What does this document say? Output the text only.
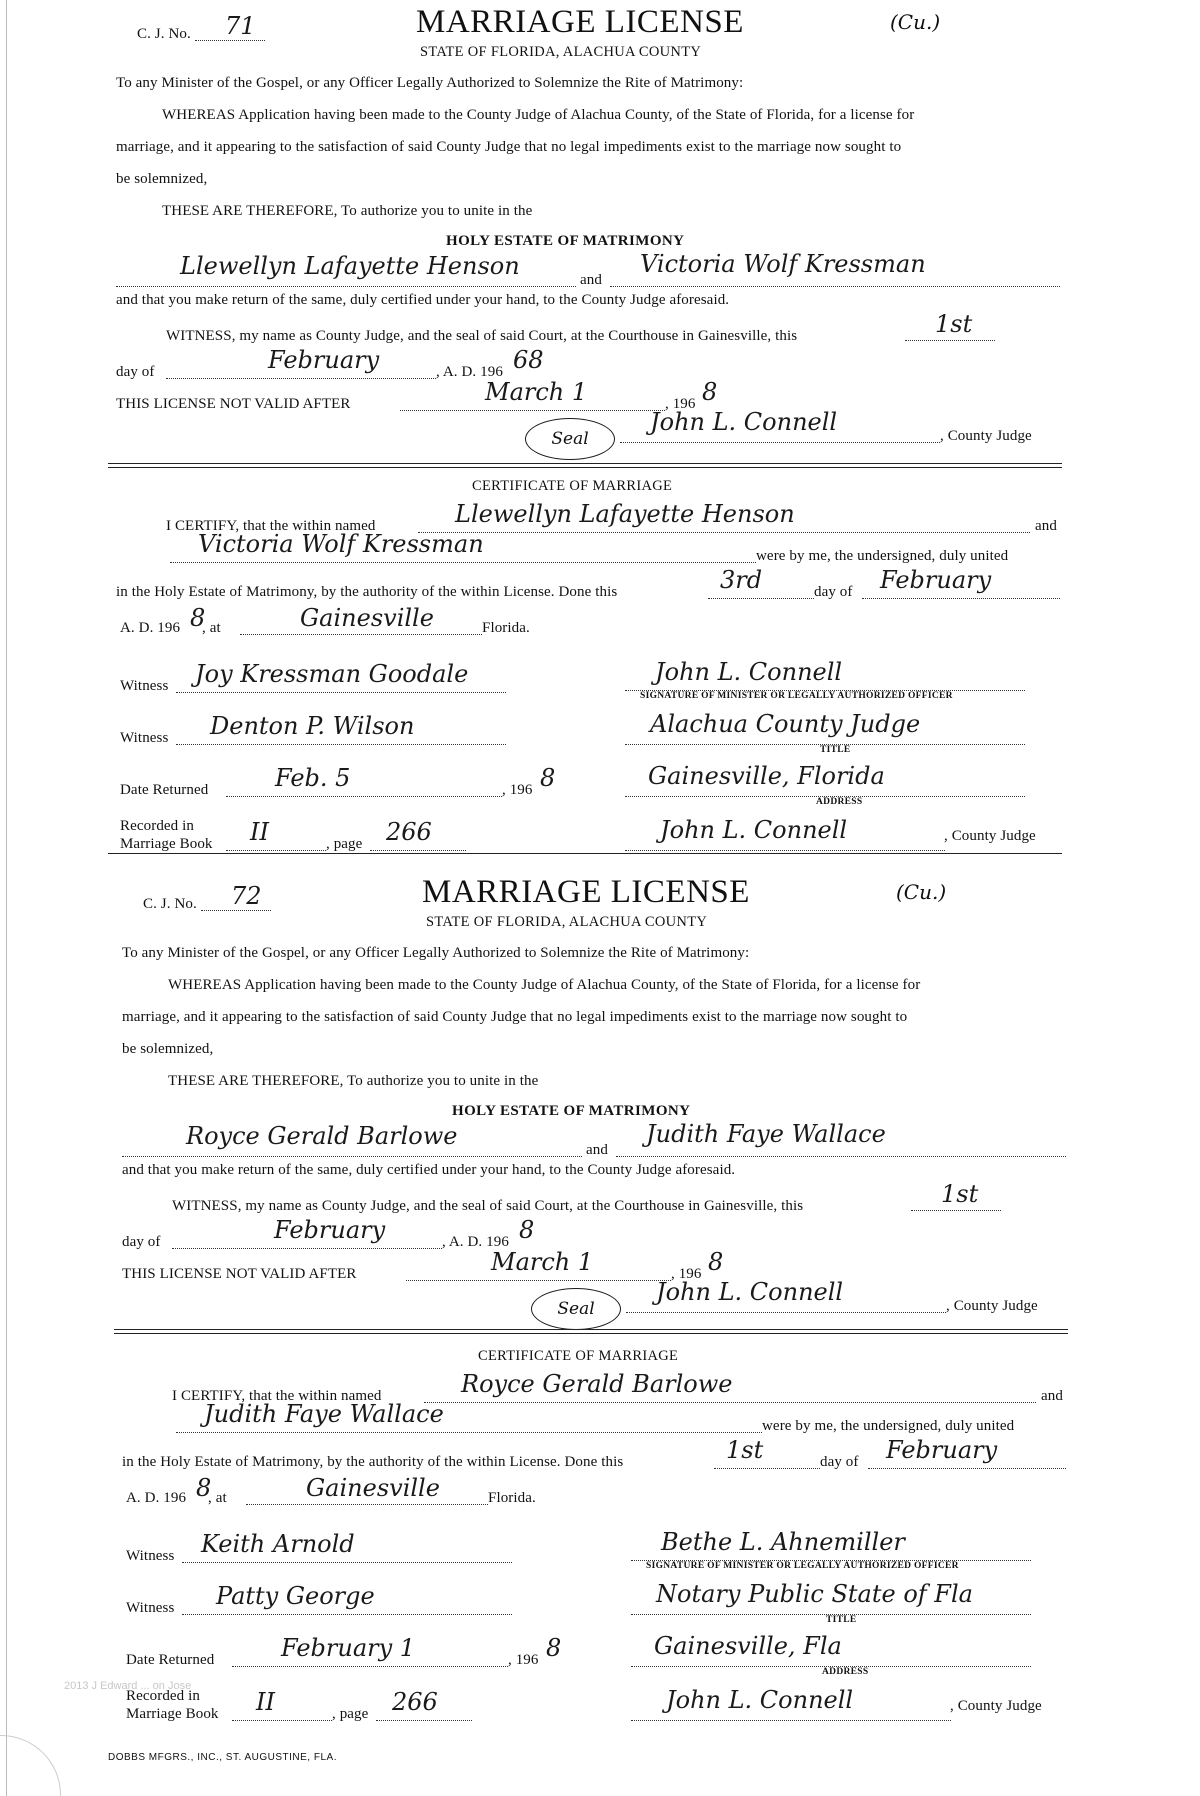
C. J. No. 71	MARRIAGE LICENSE	(Cu.)
STATE OF FLORIDA, ALACHUA COUNTY
To any Minister of the Gospel, or any Officer Legally Authorized to Solemnize the Rite of Matrimony:
WHEREAS Application having been made to the County Judge of Alachua County, of the State of Florida, for a license for
marriage, and it appearing to the satisfaction of said County Judge that no legal impediments exist to the marriage now sought to
be solemnized,
THESE ARE THEREFORE, To authorize you to unite in the
HOLY ESTATE OF MATRIMONY
Llewellyn Lafayette Henson	and
Victoria Wolf Kressman
and that you make return of the same, duly certified under your hand, to the County Judge aforesaid.
WITNESS, my name as County Judge, and the seal of said Court, at the Courthouse in Gainesville, this	1st
day of	February	, A. D. 196 68
THIS LICENSE NOT VALID AFTER	March 1	, 196 8
Seal
John L. Connell	, County Judge
CERTIFICATE OF MARRIAGE
I CERTIFY, that the within named	Llewellyn Lafayette Henson	and
Victoria Wolf Kressman	were by me, the undersigned, duly united
in the Holy Estate of Matrimony, by the authority of the within License. Done this	3rd	day of February
A. D. 196 8
, at	Gainesville	Florida.
Witness Joy Kressman Goodale	John L. Connell
SIGNATURE OF MINISTER OR LEGALLY AUTHORIZED OFFICER
Witness Denton P. Wilson	Alachua County Judge
TITLE
Date Returned	Feb. 5	, 196 8	Gainesville, Florida
ADDRESS
Recorded in
Marriage Book II	, page 266	John L. Connell	, County Judge
C. J. No. 72	MARRIAGE LICENSE	(Cu.)
STATE OF FLORIDA, ALACHUA COUNTY
To any Minister of the Gospel, or any Officer Legally Authorized to Solemnize the Rite of Matrimony:
WHEREAS Application having been made to the County Judge of Alachua County, of the State of Florida, for a license for
marriage, and it appearing to the satisfaction of said County Judge that no legal impediments exist to the marriage now sought to
be solemnized,
THESE ARE THEREFORE, To authorize you to unite in the
HOLY ESTATE OF MATRIMONY
Royce Gerald Barlowe	and
Judith Faye Wallace
and that you make return of the same, duly certified under your hand, to the County Judge aforesaid.
WITNESS, my name as County Judge, and the seal of said Court, at the Courthouse in Gainesville, this	1st
day of	February	, A. D. 196 8
THIS LICENSE NOT VALID AFTER	March 1	, 196 8
Seal
John L. Connell	, County Judge
CERTIFICATE OF MARRIAGE
I CERTIFY, that the within named	Royce Gerald Barlowe	and
Judith Faye Wallace	were by me, the undersigned, duly united
in the Holy Estate of Matrimony, by the authority of the within License. Done this	1st	day of February
A. D. 196 8
, at	Gainesville	Florida.
Witness Keith Arnold	Bethe L. Ahnemiller
SIGNATURE OF MINISTER OR LEGALLY AUTHORIZED OFFICER
Witness Patty George	Notary Public State of Fla
TITLE
Date Returned	February 1	, 196 8	Gainesville, Fla
ADDRESS
Recorded in
Marriage Book II	, page 266	John L. Connell	, County Judge
2013 J Edward ... on Jose
DOBBS MFGRS., INC., ST. AUGUSTINE, FLA.
